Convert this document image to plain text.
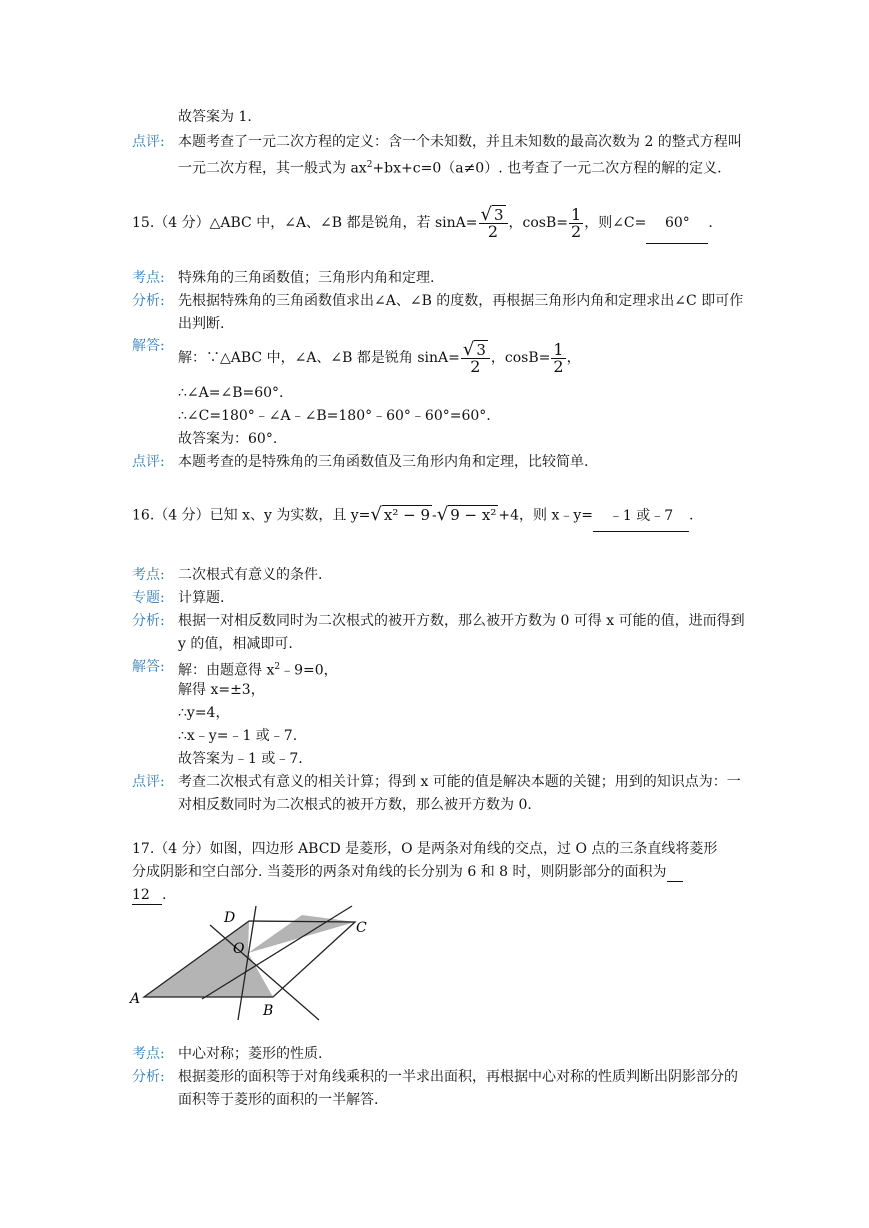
故答案为 1.
点评: 本题考查了一元二次方程的定义：含一个未知数，并且未知数的最高次数为 2 的整式方程叫
一元二次方程，其一般式为 $ax^2+bx+c=0(a\ne 0)$. 也考查了一元二次方程的解的定义.
15.（4 分）△ABC 中，∠A、∠B 都是锐角，若 $\sin A= \frac{√ 3}{2}$ ，$\cos B= \frac{1}{2}$ ，则∠C= 60° .
考点: 特殊角的三角函数值；三角形内角和定理.
分析: 先根据特殊角的三角函数值求出∠A、∠B 的度数，再根据三角形内角和定理求出∠C 即可作
出判断.
解答:
解：∵△ABC 中，∠A、∠B 都是锐角 $\sin A= \frac{√ 3}{2}$ ，$\cos B= \frac{1}{2}$ ，
∴∠A=∠B=60°.
∴∠C=180°﹣∠A﹣∠B=180°﹣60°﹣60°=60°.
故答案为：60°.
点评: 本题考查的是特殊角的三角函数值及三角形内角和定理，比较简单.
16.（4 分）已知 x、y 为实数，且 y=√ x² − 9 -√ 9 − x² +4，则 x﹣y= ﹣1 或﹣7 .
考点: 二次根式有意义的条件.
专题: 计算题.
分析: 根据一对相反数同时为二次根式的被开方数，那么被开方数为 0 可得 x 可能的值，进而得到
y 的值，相减即可.
解答: 解：由题意得 $x^2﹣9=0$，
解得 x=±3，
∴y=4，
∴x﹣y=﹣1 或﹣7.
故答案为﹣1 或﹣7.
点评: 考查二次根式有意义的相关计算；得到 x 可能的值是解决本题的关键；用到的知识点为：一
对相反数同时为二次根式的被开方数，那么被开方数为 0.
17.（4 分）如图，四边形 ABCD 是菱形，O 是两条对角线的交点，过 O 点的三条直线将菱形
分成阴影和空白部分. 当菱形的两条对角线的长分别为 6 和 8 时，则阴影部分的面积为
12 .
A
B
C
D
O
考点: 中心对称；菱形的性质.
分析: 根据菱形的面积等于对角线乘积的一半求出面积，再根据中心对称的性质判断出阴影部分的
面积等于菱形的面积的一半解答.
